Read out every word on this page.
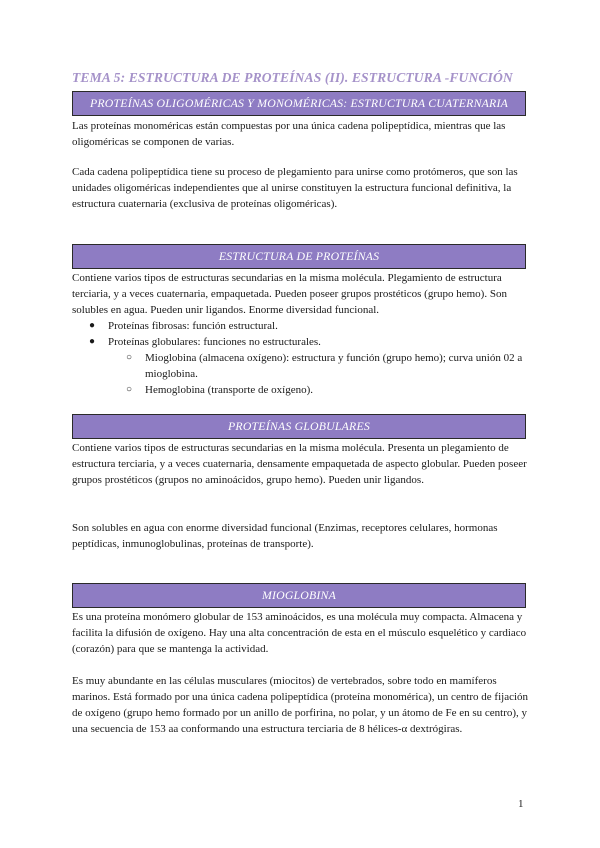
TEMA 5: ESTRUCTURA DE PROTEÍNAS (II). ESTRUCTURA -FUNCIÓN
PROTEÍNAS OLIGOMÉRICAS Y MONOMÉRICAS: ESTRUCTURA CUATERNARIA

Las proteínas monoméricas están compuestas por una única cadena polipeptídica, mientras que las oligoméricas se componen de varias.

Cada cadena polipeptídica tiene su proceso de plegamiento para unirse como protómeros, que son las unidades oligoméricas independientes que al unirse constituyen la estructura funcional definitiva, la estructura cuaternaria (exclusiva de proteínas oligoméricas).

ESTRUCTURA DE PROTEÍNAS

Contiene varios tipos de estructuras secundarias en la misma molécula. Plegamiento de estructura terciaria, y a veces cuaternaria, empaquetada. Pueden poseer grupos prostéticos (grupo hemo). Son solubles en agua. Pueden unir ligandos. Enorme diversidad funcional.

● Proteínas fibrosas: función estructural.
● Proteínas globulares: funciones no estructurales.
○ Mioglobina (almacena oxígeno): estructura y función (grupo hemo); curva unión 02 a mioglobina.
○ Hemoglobina (transporte de oxígeno).
PROTEÍNAS GLOBULARES

Contiene varios tipos de estructuras secundarias en la misma molécula. Presenta un plegamiento de estructura terciaria, y a veces cuaternaria, densamente empaquetada de aspecto globular. Pueden poseer grupos prostéticos (grupos no aminoácidos, grupo hemo). Pueden unir ligandos.

Son solubles en agua con enorme diversidad funcional (Enzimas, receptores celulares, hormonas peptídicas, inmunoglobulinas, proteínas de transporte).

MIOGLOBINA

Es una proteína monómero globular de 153 aminoácidos, es una molécula muy compacta. Almacena y facilita la difusión de oxígeno. Hay una alta concentración de esta en el músculo esquelético y cardiaco (corazón) para que se mantenga la actividad.

Es muy abundante en las células musculares (miocitos) de vertebrados, sobre todo en mamíferos marinos. Está formado por una única cadena polipeptídica (proteína monomérica), un centro de fijación de oxígeno (grupo hemo formado por un anillo de porfirina, no polar, y un átomo de Fe en su centro), y una secuencia de 153 aa conformando una estructura terciaria de 8 hélices-α dextrógiras.

1
